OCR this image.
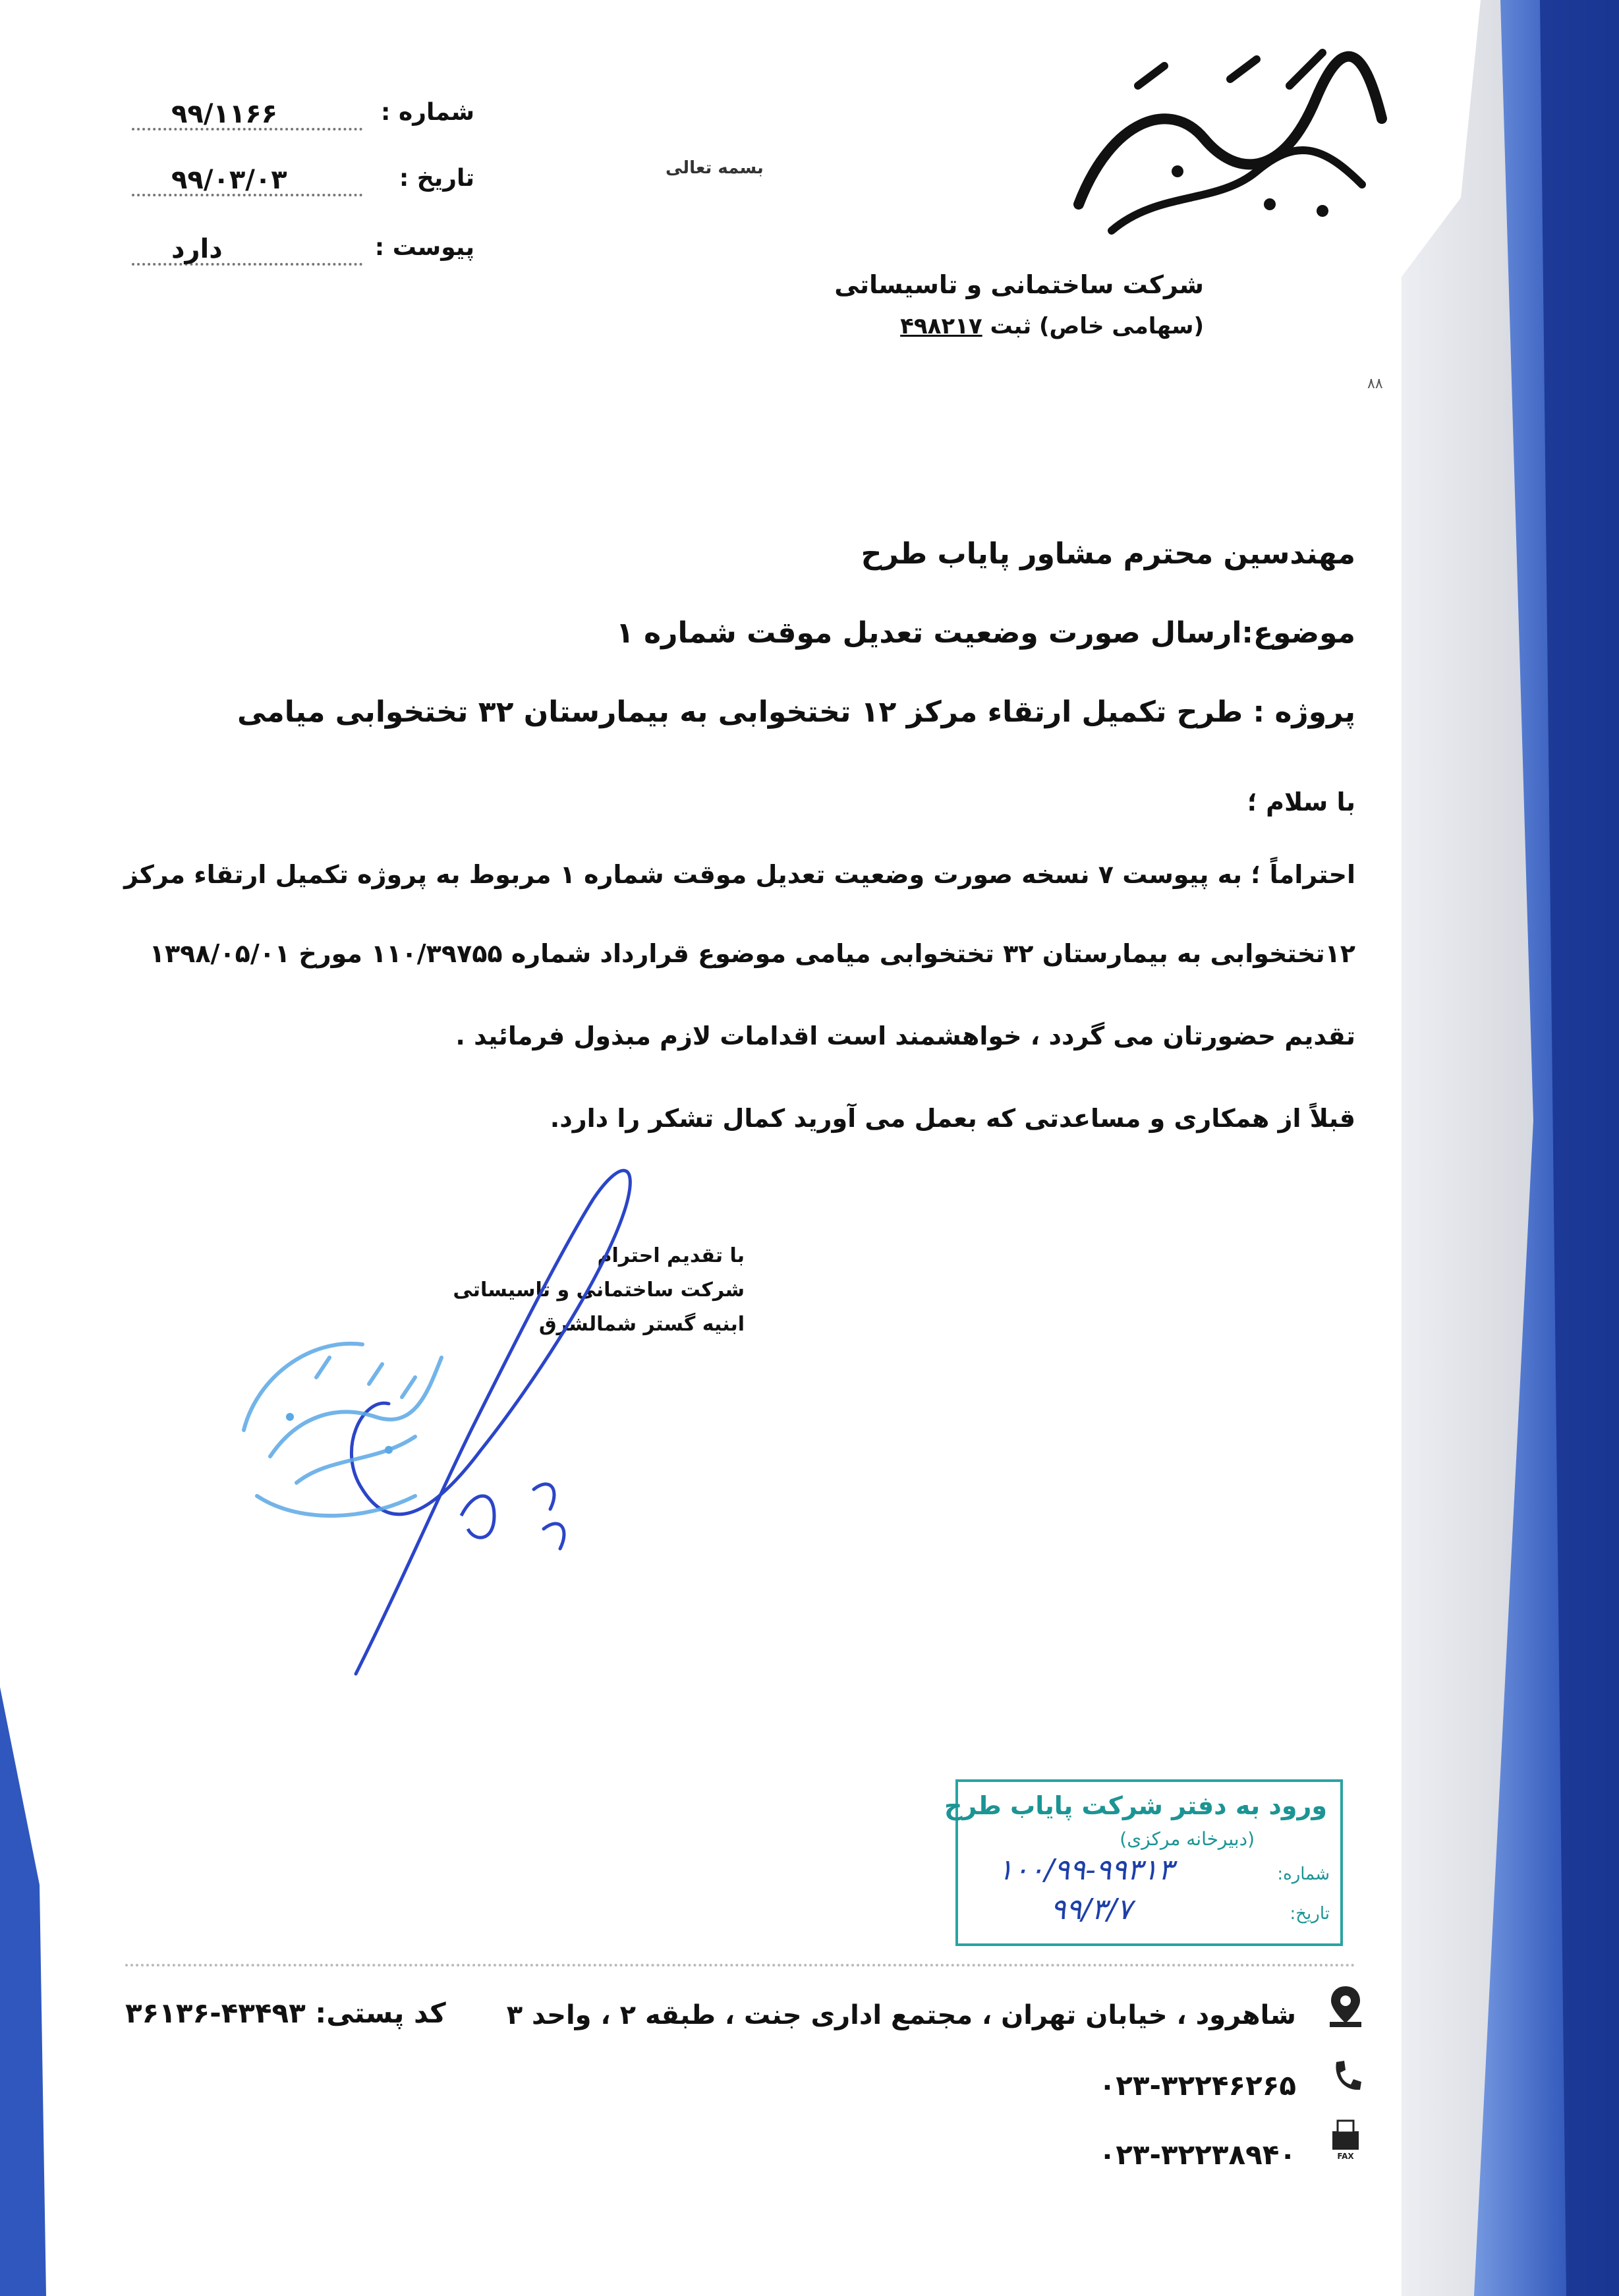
ابنیه گستر شمالشرق
شرکت ساختمانی و تاسیساتی
(سهامی خاص) ثبت ۴۹۸۲۱۷
بسمه تعالی
۸۸
شماره :
۹۹/۱۱۶۶
تاریخ :
۹۹/۰۳/۰۳
پیوست :
دارد
مهندسین محترم مشاور پایاب طرح
موضوع:ارسال صورت وضعیت تعدیل موقت شماره ۱
پروژه : طرح تکمیل ارتقاء مرکز ۱۲ تختخوابی به بیمارستان ۳۲ تختخوابی میامی
با سلام ؛
احتراماً ؛ به پیوست ۷ نسخه صورت وضعیت تعدیل موقت شماره ۱ مربوط به پروژه تکمیل ارتقاء مرکز
۱۲تختخوابی به بیمارستان ۳۲ تختخوابی میامی موضوع قرارداد شماره ۱۱۰/۳۹۷۵۵ مورخ ۱۳۹۸/۰۵/۰۱
تقدیم حضورتان می گردد ، خواهشمند است اقدامات لازم مبذول فرمائید .
قبلاً از همکاری و مساعدتی که بعمل می آورید کمال تشکر را دارد.
با تقدیم احترام
شرکت ساختمانی و تاسیساتی
ابنیه گستر شمالشرق
ورود به دفتر شرکت پایاب طرح
(دبیرخانه مرکزی)
شماره:
۱۰۰/۹۹-۹۹۳۱۳
تاریخ:
۹۹/۳/۷
شاهرود ، خیابان تهران ، مجتمع اداری جنت ، طبقه ۲ ، واحد ۳
۰۲۳-۳۲۲۴۶۲۶۵
۰۲۳-۳۲۲۳۸۹۴۰
کد پستی: ۴۳۴۹۳-۳۶۱۳۶
FAX
